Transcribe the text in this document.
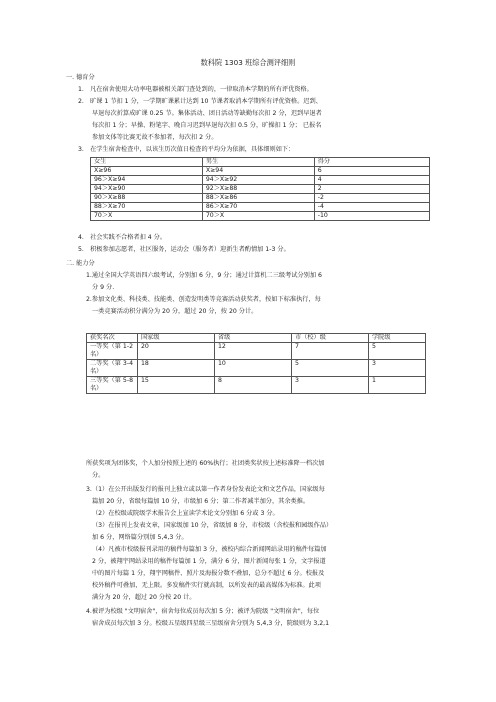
数科院 1303 班综合测评细则
一. 德育分
1.　凡在宿舍使用大功率电器被相关部门查处到的，一律取消本学期的所有评优资格。
2.　旷课 1 节扣 1 分，一学期旷课累计达到 10 节课者取消本学期所有评优资格。迟到、
早退每次折算成旷课 0.25 节。集体活动、团日活动等缺勤每次扣 2 分，迟到早退者
每次扣 1 分；早操、粉笔字、晚自习迟到早退每次扣 0.5 分，旷操扣 1 分； 已报名
参加文体等比赛无故不参加者，每次扣 2 分。
3.　在学生宿舍检查中，以该生历次值日检查的平均分为依据，具体细则如下：
女生	男生	得分
X≥96	X≥94	6
96＞X≥94	94＞X≥92	4
94＞X≥90	92＞X≥88	2
90＞X≥88	88＞X≥86	-2
88＞X≥70	86＞X≥70	-4
70＞X	70＞X	-10
4.　社会实践不合格者扣 4 分。
5.　积极参加志愿者，社区服务，运动会（服务者）迎新生者酌情加 1-3 分。
二. 能力分
1.通过全国大学英语四六级考试，分别加 6 分，9 分；通过计算机二三级考试分别加 6
分 9 分.
2.参加文化类、科技类、技能类、创造发明类等竞赛活动获奖者，按如下标准执行，每
一类竞赛活动积分满分为 20 分，超过 20 分，按 20 分计。
获奖名次	国家级	省级	市（校）级	学院级
一等奖（第 1-2 名）	20	12	7	5
二等奖（第 3-4 名）	18	10	5	3
三等奖（第 5-8 名）	15	8	3	1
所获奖项为团体奖，个人加分按照上述的 60%执行；社团类奖状按上述标准降一档次加
分。
3.（1）在公开出版发行的报刊上独立或以第一作者身份发表论文和文艺作品，国家级每
篇加 20 分，省级每篇加 10 分，市级加 6 分；第二作者减半加分，其余类推。
（2）在校级或院级学术报告会上宣读学术论文分别加 6 分或 3 分。
（3）在报刊上发表文章，国家级加 10 分，省级加 8 分，市校级（含校报和园级作品）
加 6 分，网络篇分别加 5,4,3 分。
（4）凡被市校级报刊录用的稿件每篇加 3 分，被校内综合新闻网站录用的稿件每篇加
2 分，被翔宇网站录用的稿件每篇加 1 分，满分 6 分，图片新闻每张 1 分，文字报道
中的图片每篇 1 分，翔宇网稿件、照片及海报分数不叠加，总分不超过 6 分。校报及
校外稿件可叠加，无上限。多发稿件实行就高制，以所发表的最高媒体为标准。此项
满分为 20 分，超过 20 分按 20 计。
4.被评为校级 "文明宿舍"，宿舍每位成员每次加 5 分；被评为院级 "文明宿舍"，每位
宿舍成员每次加 3 分。校级五星级四星级三星级宿舍分别为 5,4,3 分，院级则为 3,2,1
